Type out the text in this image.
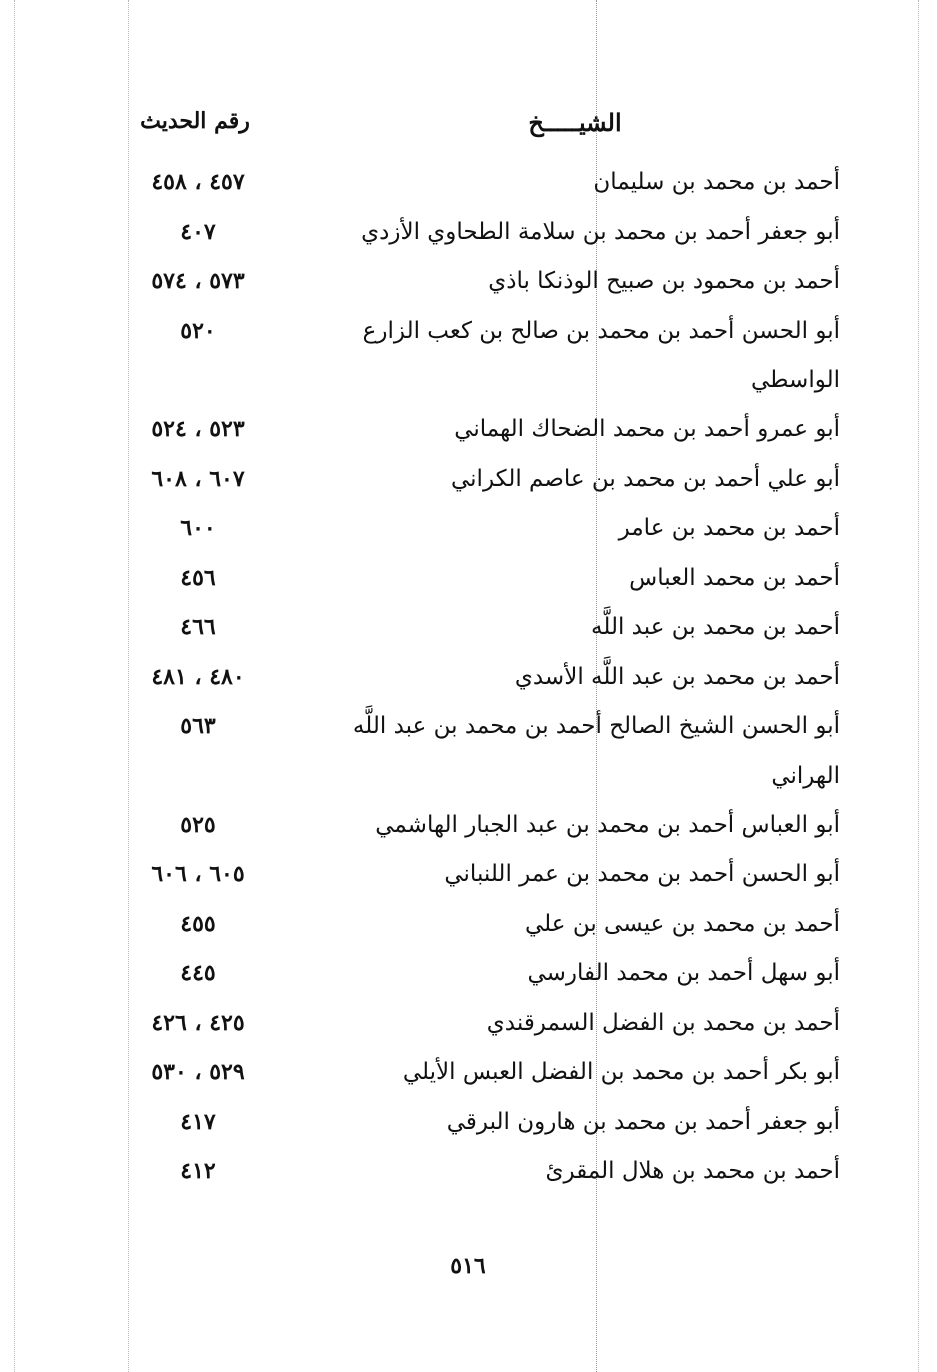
الشيـــــخ
رقم الحديث
أحمد بن محمد بن سليمان
٤٥٧ ، ٤٥٨
أبو جعفر أحمد بن محمد بن سلامة الطحاوي الأزدي
٤٠٧
أحمد بن محمود بن صبيح الوذنكا باذي
٥٧٣ ، ٥٧٤
أبو الحسن أحمد بن محمد بن صالح بن كعب الزارع
٥٢٠
الواسطي
أبو عمرو أحمد بن محمد الضحاك الهماني
٥٢٣ ، ٥٢٤
أبو علي أحمد بن محمد بن عاصم الكراني
٦٠٧ ، ٦٠٨
أحمد بن محمد بن عامر
٦٠٠
أحمد بن محمد العباس
٤٥٦
أحمد بن محمد بن عبد اللَّه
٤٦٦
أحمد بن محمد بن عبد اللَّه الأسدي
٤٨٠ ، ٤٨١
أبو الحسن الشيخ الصالح أحمد بن محمد بن عبد اللَّه
٥٦٣
الهراني
أبو العباس أحمد بن محمد بن عبد الجبار الهاشمي
٥٢٥
أبو الحسن أحمد بن محمد بن عمر اللنباني
٦٠٥ ، ٦٠٦
أحمد بن محمد بن عيسى بن علي
٤٥٥
أبو سهل أحمد بن محمد الفارسي
٤٤٥
أحمد بن محمد بن الفضل السمرقندي
٤٢٥ ، ٤٢٦
أبو بكر أحمد بن محمد بن الفضل العبس الأيلي
٥٢٩ ، ٥٣٠
أبو جعفر أحمد بن محمد بن هارون البرقي
٤١٧
أحمد بن محمد بن هلال المقرئ
٤١٢
٥١٦
